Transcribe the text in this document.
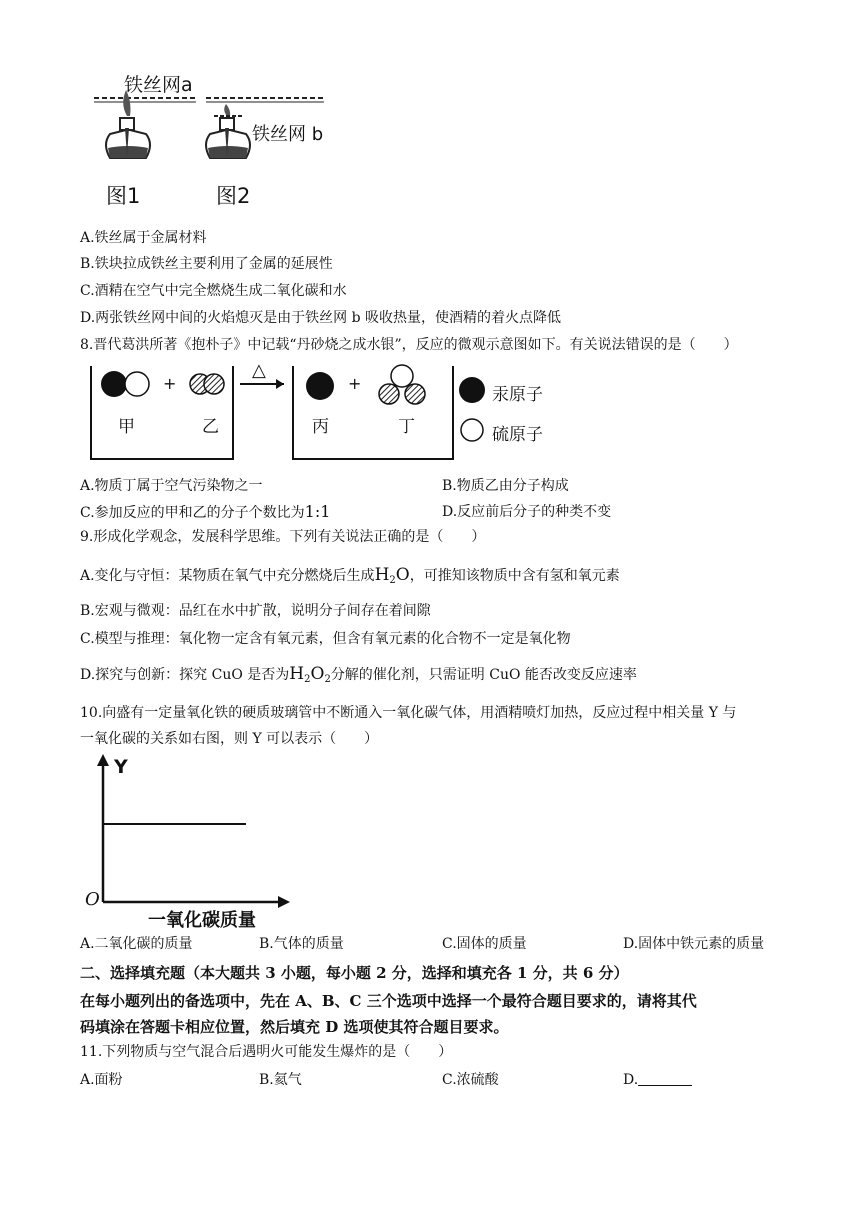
铁丝网a
铁丝网 b
图1	图2
A.铁丝属于金属材料
B.铁块拉成铁丝主要利用了金属的延展性
C.酒精在空气中完全燃烧生成二氧化碳和水
D.两张铁丝网中间的火焰熄灭是由于铁丝网 b 吸收热量，使酒精的着火点降低
8.晋代葛洪所著《抱朴子》中记载“丹砂烧之成水银”，反应的微观示意图如下。有关说法错误的是（　　）
+	+
△
甲	乙	丙	丁
汞原子
硫原子
A.物质丁属于空气污染物之一	B.物质乙由分子构成
C.参加反应的甲和乙的分子个数比为1:1	D.反应前后分子的种类不变
9.形成化学观念，发展科学思维。下列有关说法正确的是（　　）
A.变化与守恒：某物质在氧气中充分燃烧后生成$H_2O$，可推知该物质中含有氢和氧元素
B.宏观与微观：品红在水中扩散，说明分子间存在着间隙
C.模型与推理：氧化物一定含有氧元素，但含有氧元素的化合物不一定是氧化物
D.探究与创新：探究 CuO 是否为$H_2O_2$分解的催化剂，只需证明 CuO 能否改变反应速率
10.向盛有一定量氧化铁的硬质玻璃管中不断通入一氧化碳气体，用酒精喷灯加热，反应过程中相关量 Y 与
一氧化碳的关系如右图，则 Y 可以表示（　　）
Y
O
一氧化碳质量
A.二氧化碳的质量	B.气体的质量	C.固体的质量	D.固体中铁元素的质量
二、选择填充题（本大题共 3 小题，每小题 2 分，选择和填充各 1 分，共 6 分）
在每小题列出的备选项中，先在 A、B、C 三个选项中选择一个最符合题目要求的，请将其代
码填涂在答题卡相应位置，然后填充 D 选项使其符合题目要求。
11.下列物质与空气混合后遇明火可能发生爆炸的是（　　）
A.面粉	B.氦气	C.浓硫酸	D.
